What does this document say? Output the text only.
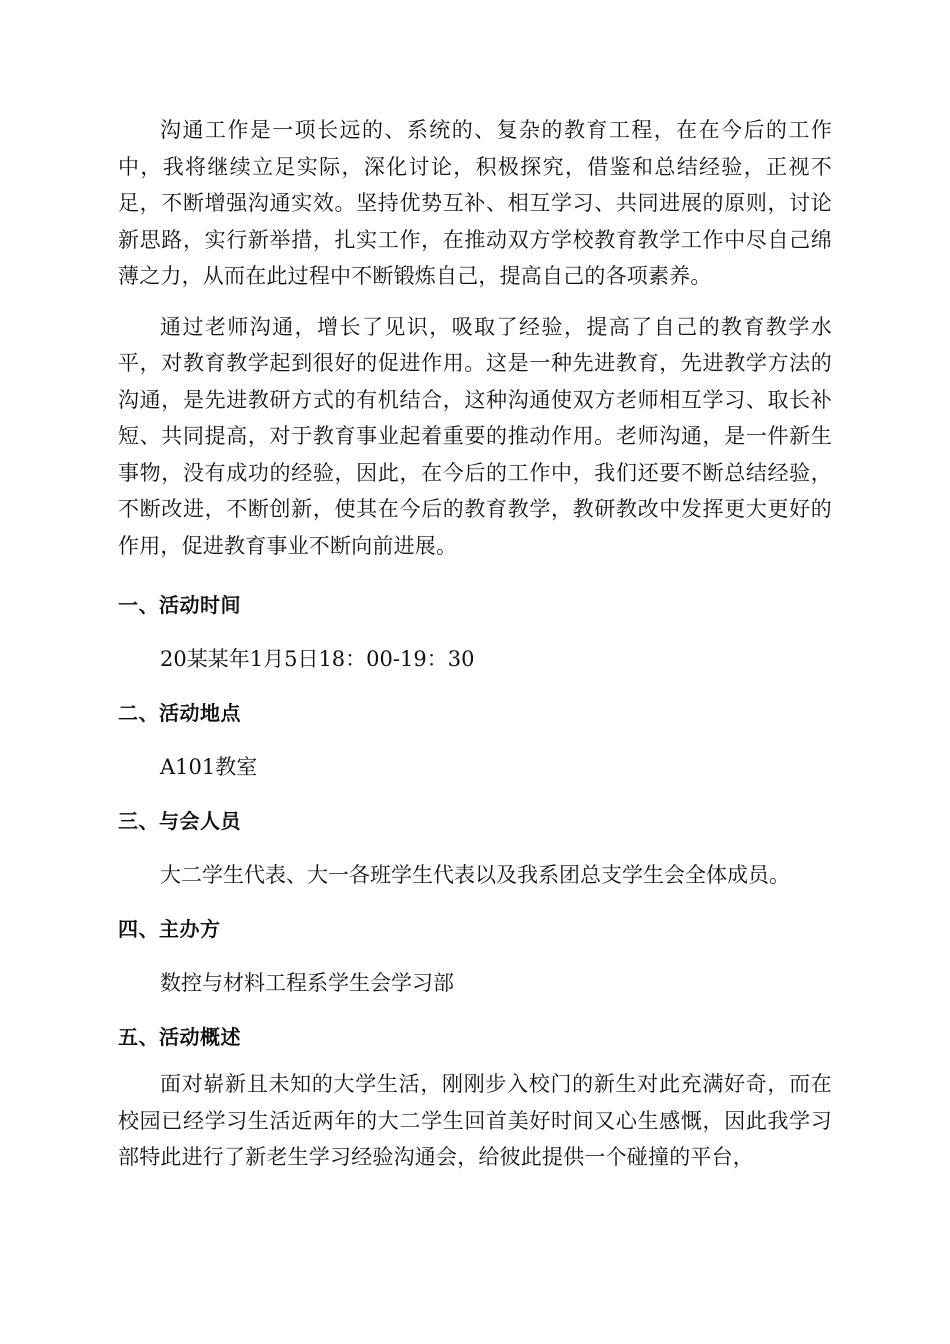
沟通工作是一项长远的、系统的、复杂的教育工程，在在今后的工作中，我将继续立足实际，深化讨论，积极探究，借鉴和总结经验，正视不足，不断增强沟通实效。坚持优势互补、相互学习、共同进展的原则，讨论新思路，实行新举措，扎实工作，在推动双方学校教育教学工作中尽自己绵薄之力，从而在此过程中不断锻炼自己，提高自己的各项素养。

通过老师沟通，增长了见识，吸取了经验，提高了自己的教育教学水平，对教育教学起到很好的促进作用。这是一种先进教育，先进教学方法的沟通，是先进教研方式的有机结合，这种沟通使双方老师相互学习、取长补短、共同提高，对于教育事业起着重要的推动作用。老师沟通，是一件新生事物，没有成功的经验，因此，在今后的工作中，我们还要不断总结经验，不断改进，不断创新，使其在今后的教育教学，教研教改中发挥更大更好的作用，促进教育事业不断向前进展。

一、活动时间

20某某年1月5日18：00-19：30

二、活动地点

A101教室

三、与会人员

大二学生代表、大一各班学生代表以及我系团总支学生会全体成员。

四、主办方

数控与材料工程系学生会学习部

五、活动概述

面对崭新且未知的大学生活，刚刚步入校门的新生对此充满好奇，而在校园已经学习生活近两年的大二学生回首美好时间又心生感慨，因此我学习部特此进行了新老生学习经验沟通会，给彼此提供一个碰撞的平台，
